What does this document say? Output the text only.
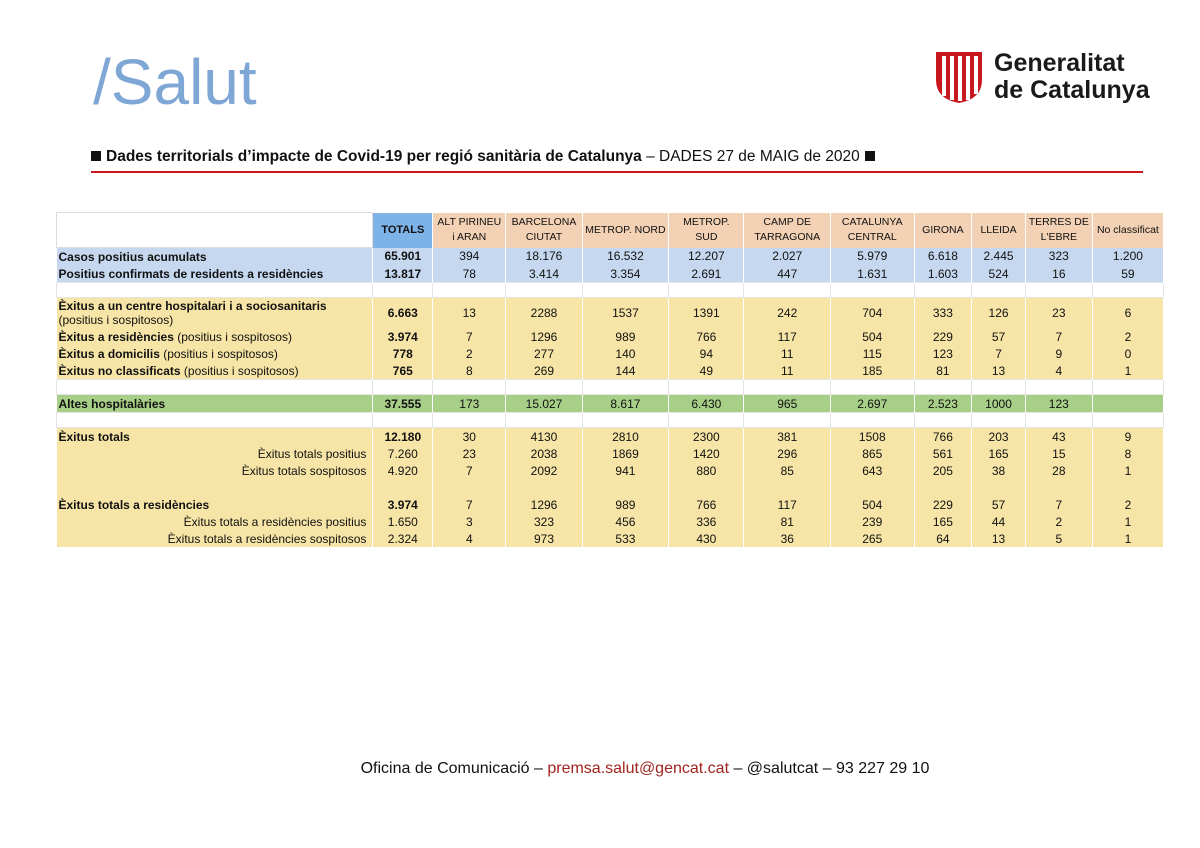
/Salut	Generalitat
de Catalunya
Dades territorials d’impacte de Covid-19 per regió sanitària de Catalunya – DADES 27 de MAIG de 2020
	TOTALS	ALT PIRINEU i ARAN	BARCELONA CIUTAT	METROP. NORD	METROP. SUD	CAMP DE TARRAGONA	CATALUNYA CENTRAL	GIRONA	LLEIDA	TERRES DE L'EBRE	No classificat
Casos positius acumulats	65.901	394	18.176	16.532	12.207	2.027	5.979	6.618	2.445	323	1.200
Positius confirmats de residents a residències	13.817	78	3.414	3.354	2.691	447	1.631	1.603	524	16	59

Èxitus a un centre hospitalari i a sociosanitaris
(positius i sospitosos)	6.663	13	2288	1537	1391	242	704	333	126	23	6
Èxitus a residències (positius i sospitosos)	3.974	7	1296	989	766	117	504	229	57	7	2
Èxitus a domicilis (positius i sospitosos)	778	2	277	140	94	11	115	123	7	9	0
Èxitus no classificats (positius i sospitosos)	765	8	269	144	49	11	185	81	13	4	1

Altes hospitalàries	37.555	173	15.027	8.617	6.430	965	2.697	2.523	1000	123	

Èxitus totals	12.180	30	4130	2810	2300	381	1508	766	203	43	9
Èxitus totals positius	7.260	23	2038	1869	1420	296	865	561	165	15	8
Èxitus totals sospitosos	4.920	7	2092	941	880	85	643	205	38	28	1

Èxitus totals a residències	3.974	7	1296	989	766	117	504	229	57	7	2
Èxitus totals a residències positius	1.650	3	323	456	336	81	239	165	44	2	1
Èxitus totals a residències sospitosos	2.324	4	973	533	430	36	265	64	13	5	1
Oficina de Comunicació – premsa.salut@gencat.cat – @salutcat – 93 227 29 10
